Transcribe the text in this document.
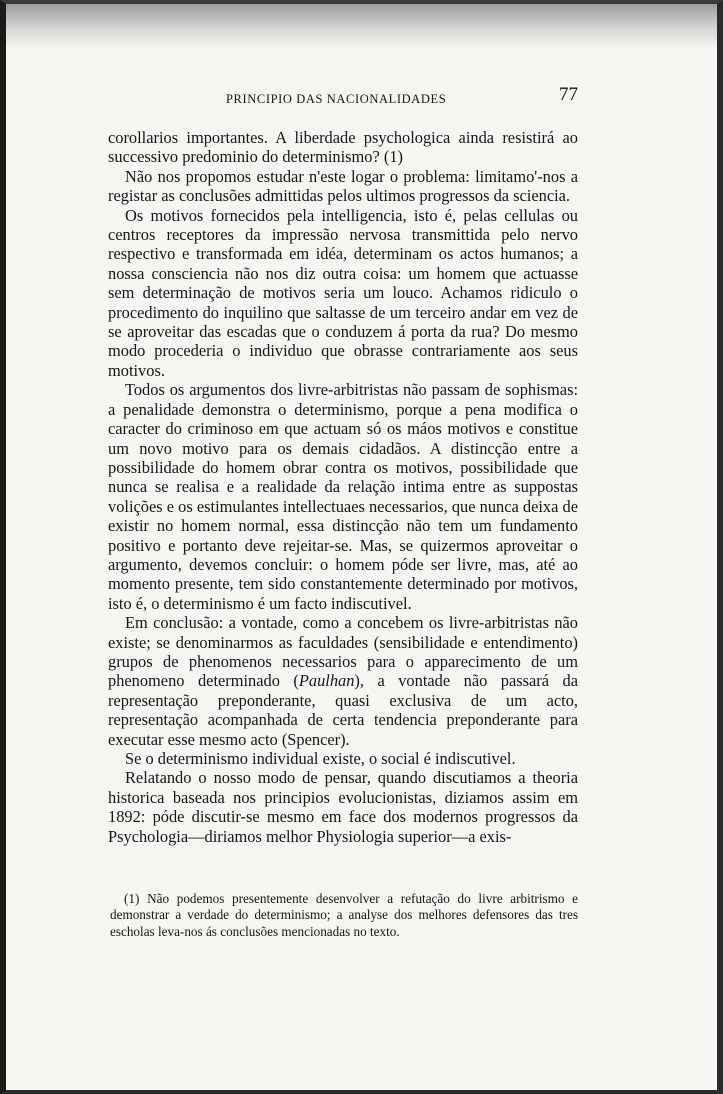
PRINCIPIO DAS NACIONALIDADES	77

corollarios importantes. A liberdade psychologica ainda resistirá ao successivo predominio do determinismo? (1)

Não nos propomos estudar n'este logar o problema: limitamo'-nos a registar as conclusões admittidas pelos ultimos progressos da sciencia.

Os motivos fornecidos pela intelligencia, isto é, pelas cellulas ou centros receptores da impressão nervosa transmittida pelo nervo respectivo e transformada em idéa, determinam os actos humanos; a nossa consciencia não nos diz outra coisa: um homem que actuasse sem determinação de motivos seria um louco. Achamos ridiculo o procedimento do inquilino que saltasse de um terceiro andar em vez de se aproveitar das escadas que o conduzem á porta da rua? Do mesmo modo procederia o individuo que obrasse contrariamente aos seus motivos.

Todos os argumentos dos livre-arbitristas não passam de sophismas: a penalidade demonstra o determinismo, porque a pena modifica o caracter do criminoso em que actuam só os máos motivos e constitue um novo motivo para os demais cidadãos. A distincção entre a possibilidade do homem obrar contra os motivos, possibilidade que nunca se realisa e a realidade da relação intima entre as suppostas volições e os estimulantes intellectuaes necessarios, que nunca deixa de existir no homem normal, essa distincção não tem um fundamento positivo e portanto deve rejeitar-se. Mas, se quizermos aproveitar o argumento, devemos concluir: o homem póde ser livre, mas, até ao momento presente, tem sido constantemente determinado por motivos, isto é, o determinismo é um facto indiscutivel.

Em conclusão: a vontade, como a concebem os livre-arbitristas não existe; se denominarmos as faculdades (sensibilidade e entendimento) grupos de phenomenos necessarios para o apparecimento de um phenomeno determinado (Paulhan), a vontade não passará da representação preponderante, quasi exclusiva de um acto, representação acompanhada de certa tendencia preponderante para executar esse mesmo acto (Spencer).

Se o determinismo individual existe, o social é indiscutivel.

Relatando o nosso modo de pensar, quando discutiamos a theoria historica baseada nos principios evolucionistas, diziamos assim em 1892: póde discutir-se mesmo em face dos modernos progressos da Psychologia—diriamos melhor Physiologia superior—a exis-

(1) Não podemos presentemente desenvolver a refutação do livre arbitrismo e demonstrar a verdade do determinismo; a analyse dos melhores defensores das tres escholas leva-nos ás conclusões mencionadas no texto.
